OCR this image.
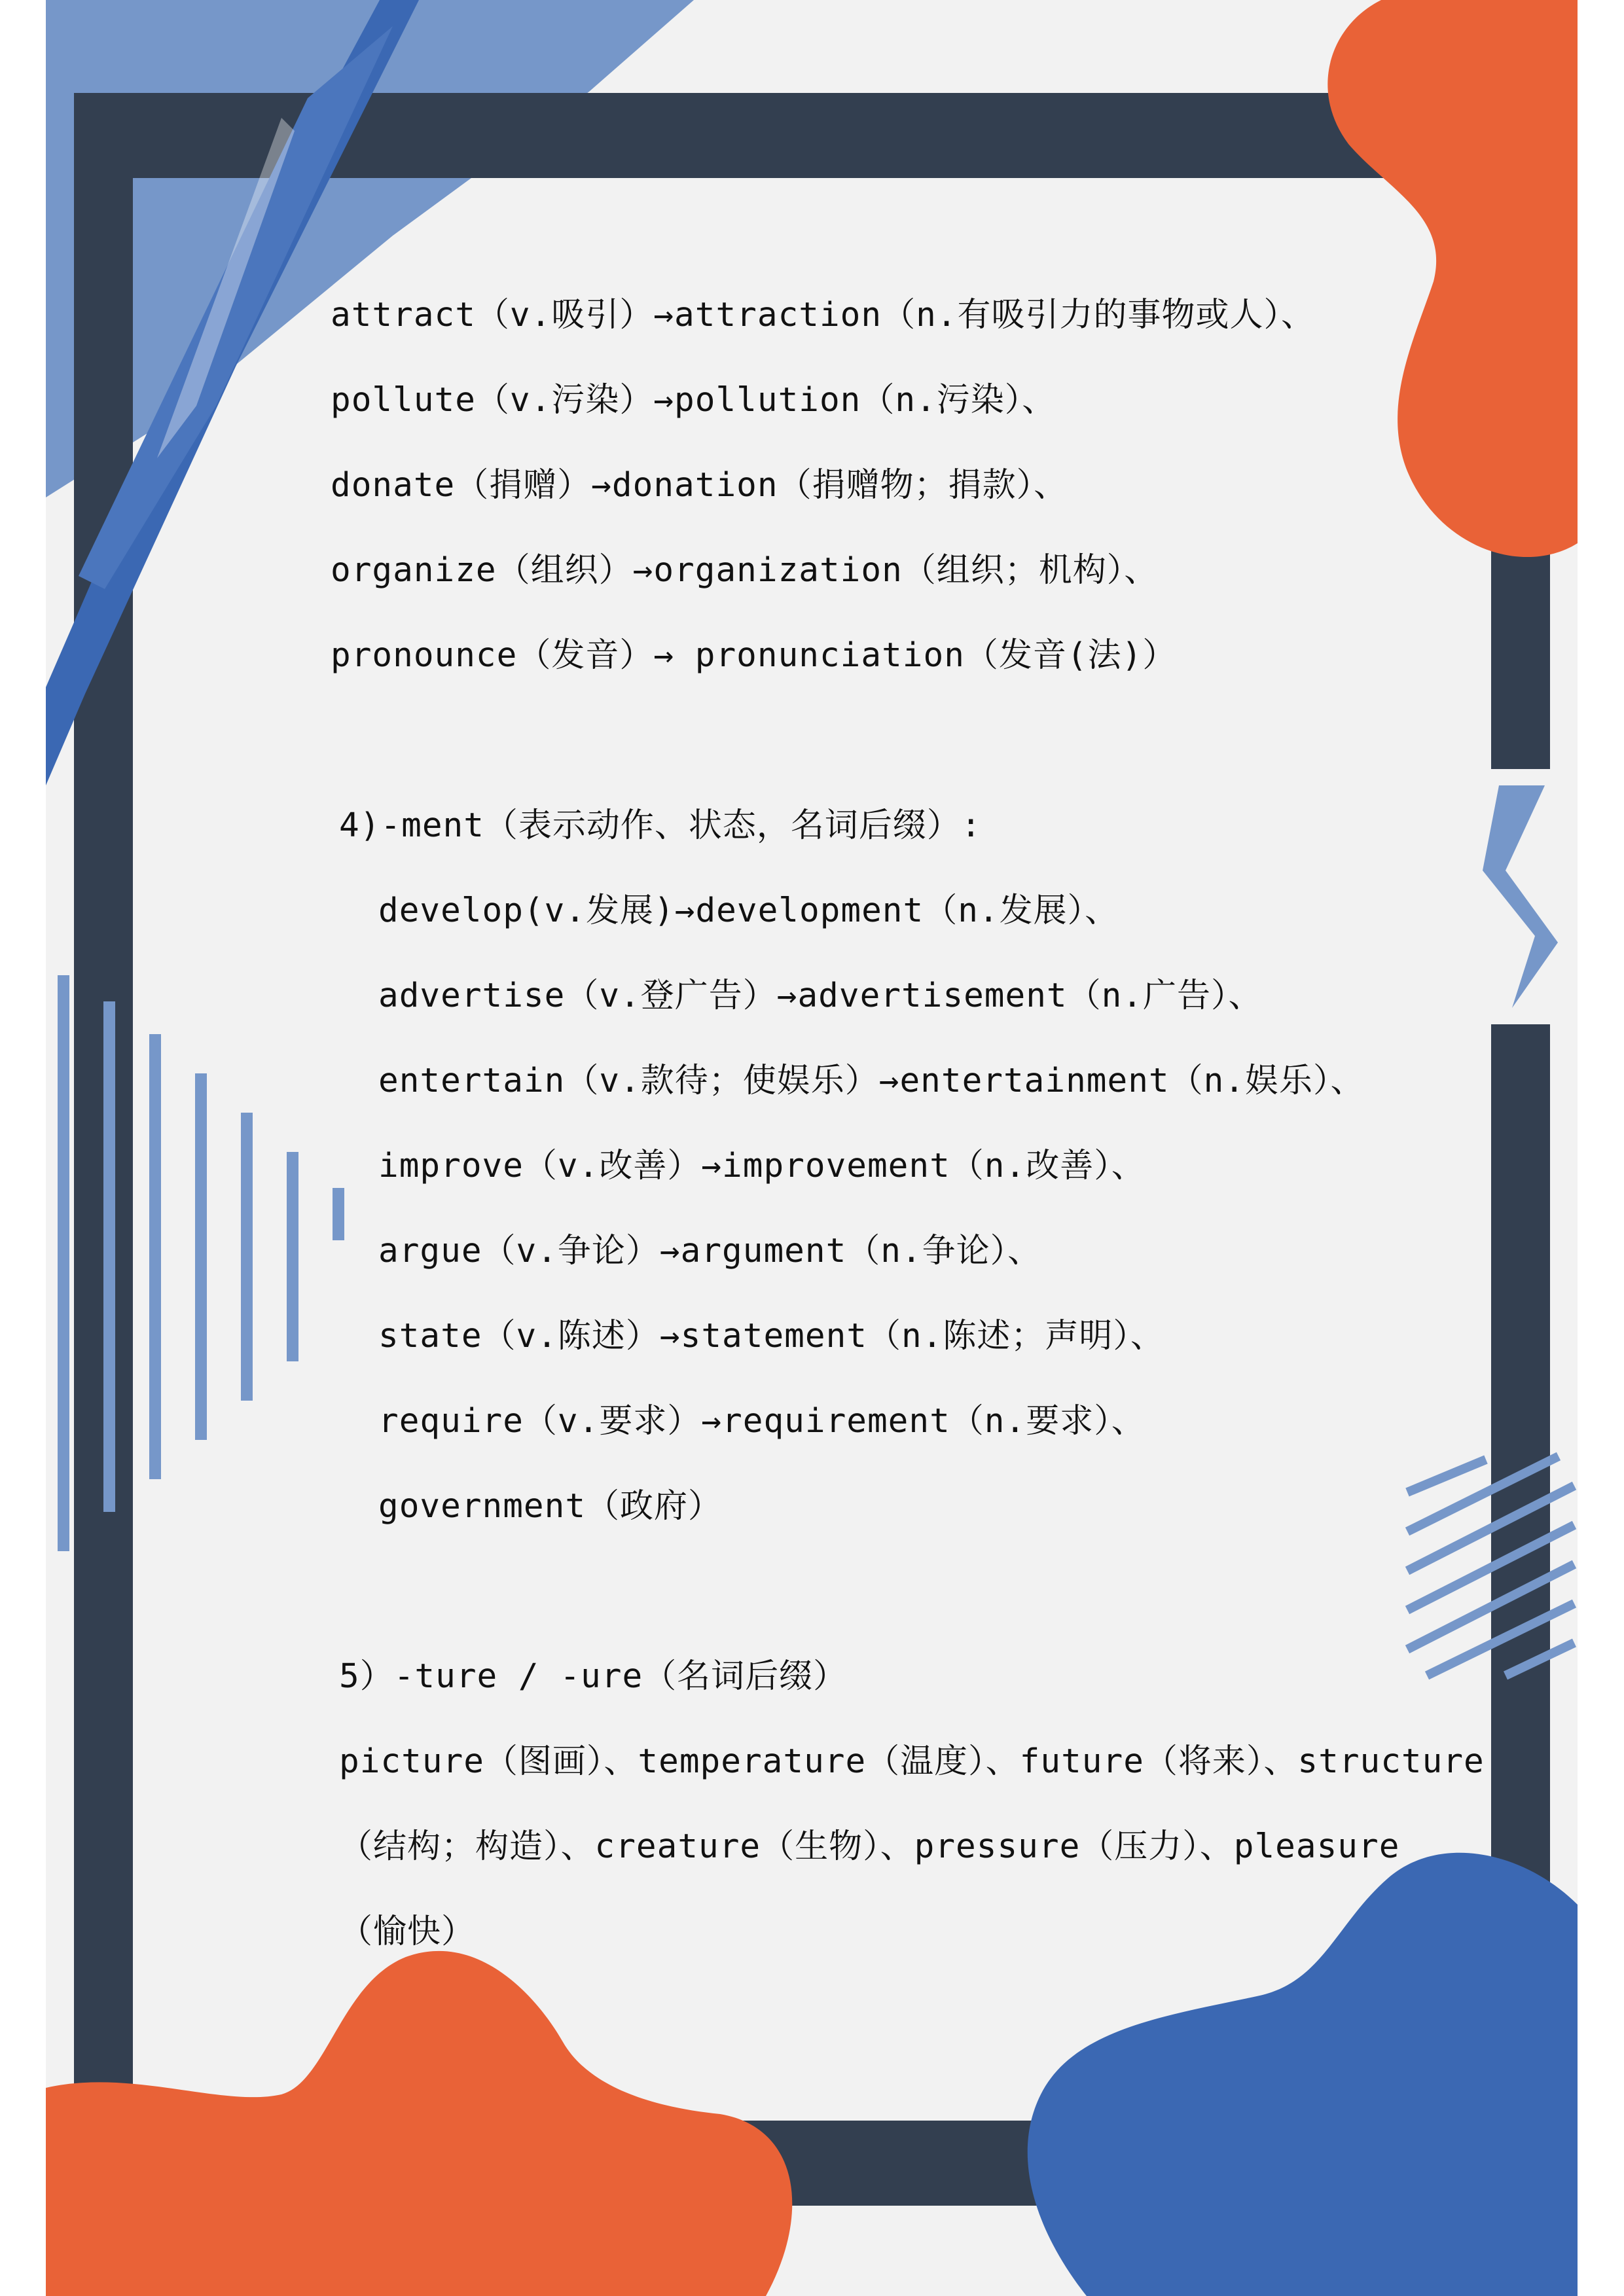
attract（v.吸引）→attraction（n.有吸引力的事物或人）、
pollute（v.污染）→pollution（n.污染）、
donate（捐赠）→donation（捐赠物；捐款）、
organize（组织）→organization（组织；机构）、
pronounce（发音）→ pronunciation（发音(法)）
4)-ment（表示动作、状态，名词后缀）:
develop(v.发展)→development（n.发展）、
advertise（v.登广告）→advertisement（n.广告）、
entertain（v.款待；使娱乐）→entertainment（n.娱乐）、
improve（v.改善）→improvement（n.改善）、
argue（v.争论）→argument（n.争论）、
state（v.陈述）→statement（n.陈述；声明）、
require（v.要求）→requirement（n.要求）、
government（政府）
5）-ture / -ure（名词后缀）
picture（图画）、temperature（温度）、future（将来）、structure
（结构；构造）、creature（生物）、pressure（压力）、pleasure
（愉快）
